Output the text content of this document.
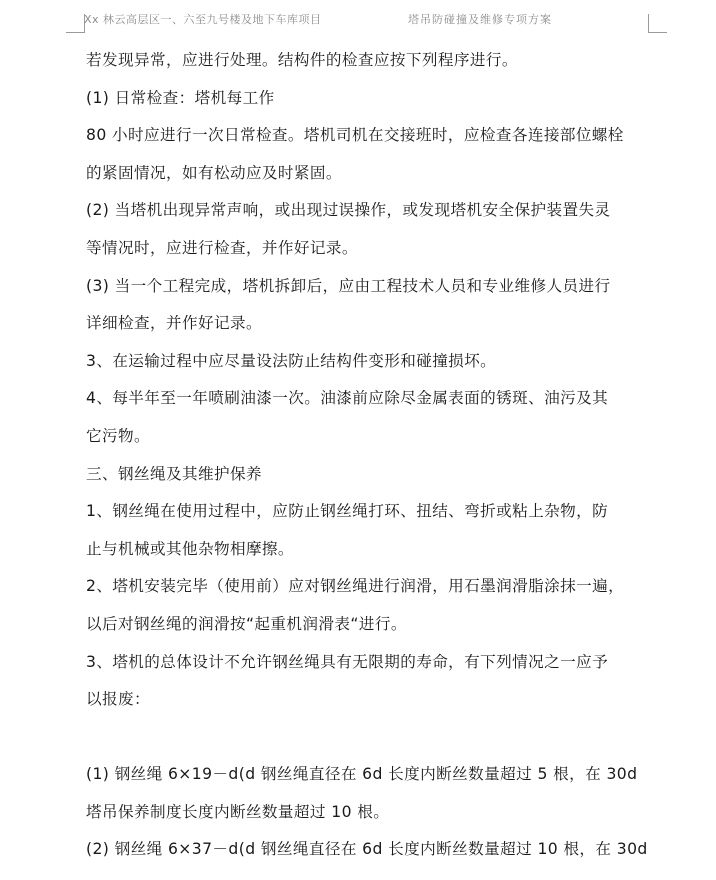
Xx 林云高层区一、六至九号楼及地下车库项目	塔吊防碰撞及维修专项方案
若发现异常，应进行处理。结构件的检查应按下列程序进行。
(1) 日常检查：塔机每工作
80 小时应进行一次日常检查。塔机司机在交接班时，应检查各连接部位螺栓
的紧固情况，如有松动应及时紧固。
(2) 当塔机出现异常声响，或出现过误操作，或发现塔机安全保护装置失灵
等情况时，应进行检查，并作好记录。
(3) 当一个工程完成，塔机拆卸后，应由工程技术人员和专业维修人员进行
详细检查，并作好记录。
3、在运输过程中应尽量设法防止结构件变形和碰撞损坏。
4、每半年至一年喷刷油漆一次。油漆前应除尽金属表面的锈斑、油污及其
它污物。
三、钢丝绳及其维护保养
1、钢丝绳在使用过程中，应防止钢丝绳打环、扭结、弯折或粘上杂物，防
止与机械或其他杂物相摩擦。
2、塔机安装完毕（使用前）应对钢丝绳进行润滑，用石墨润滑脂涂抹一遍，
以后对钢丝绳的润滑按“起重机润滑表“进行。
3、塔机的总体设计不允许钢丝绳具有无限期的寿命，有下列情况之一应予
以报废：
(1) 钢丝绳 6×19－d(d 钢丝绳直径在 6d 长度内断丝数量超过 5 根，在 30d
塔吊保养制度长度内断丝数量超过 10 根。
(2) 钢丝绳 6×37－d(d 钢丝绳直径在 6d 长度内断丝数量超过 10 根，在 30d
